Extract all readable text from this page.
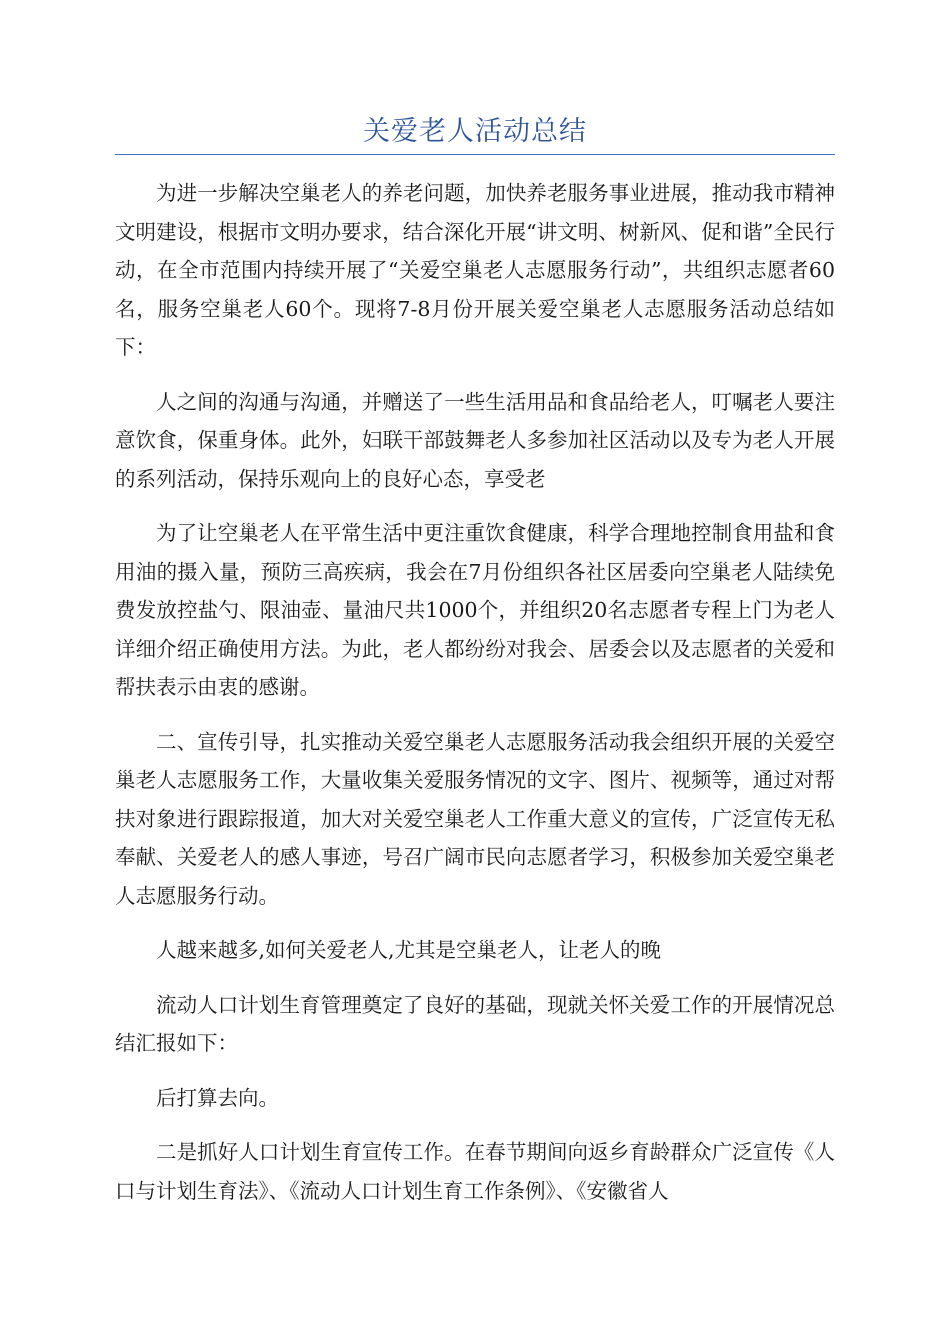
关爱老人活动总结

为进一步解决空巢老人的养老问题，加快养老服务事业进展，推动我市精神文明建设，根据市文明办要求，结合深化开展“讲文明、树新风、促和谐”全民行动，在全市范围内持续开展了“关爱空巢老人志愿服务行动”，共组织志愿者60名，服务空巢老人60个。现将7-8月份开展关爱空巢老人志愿服务活动总结如下：

人之间的沟通与沟通，并赠送了一些生活用品和食品给老人，叮嘱老人要注意饮食，保重身体。此外，妇联干部鼓舞老人多参加社区活动以及专为老人开展的系列活动，保持乐观向上的良好心态，享受老

为了让空巢老人在平常生活中更注重饮食健康，科学合理地控制食用盐和食用油的摄入量，预防三高疾病，我会在7月份组织各社区居委向空巢老人陆续免费发放控盐勺、限油壶、量油尺共1000个，并组织20名志愿者专程上门为老人详细介绍正确使用方法。为此，老人都纷纷对我会、居委会以及志愿者的关爱和帮扶表示由衷的感谢。

二、宣传引导，扎实推动关爱空巢老人志愿服务活动我会组织开展的关爱空巢老人志愿服务工作，大量收集关爱服务情况的文字、图片、视频等，通过对帮扶对象进行跟踪报道，加大对关爱空巢老人工作重大意义的宣传，广泛宣传无私奉献、关爱老人的感人事迹，号召广阔市民向志愿者学习，积极参加关爱空巢老人志愿服务行动。

人越来越多,如何关爱老人,尤其是空巢老人，让老人的晚

流动人口计划生育管理奠定了良好的基础，现就关怀关爱工作的开展情况总结汇报如下：

后打算去向。

二是抓好人口计划生育宣传工作。在春节期间向返乡育龄群众广泛宣传《人口与计划生育法》、《流动人口计划生育工作条例》、《安徽省人
